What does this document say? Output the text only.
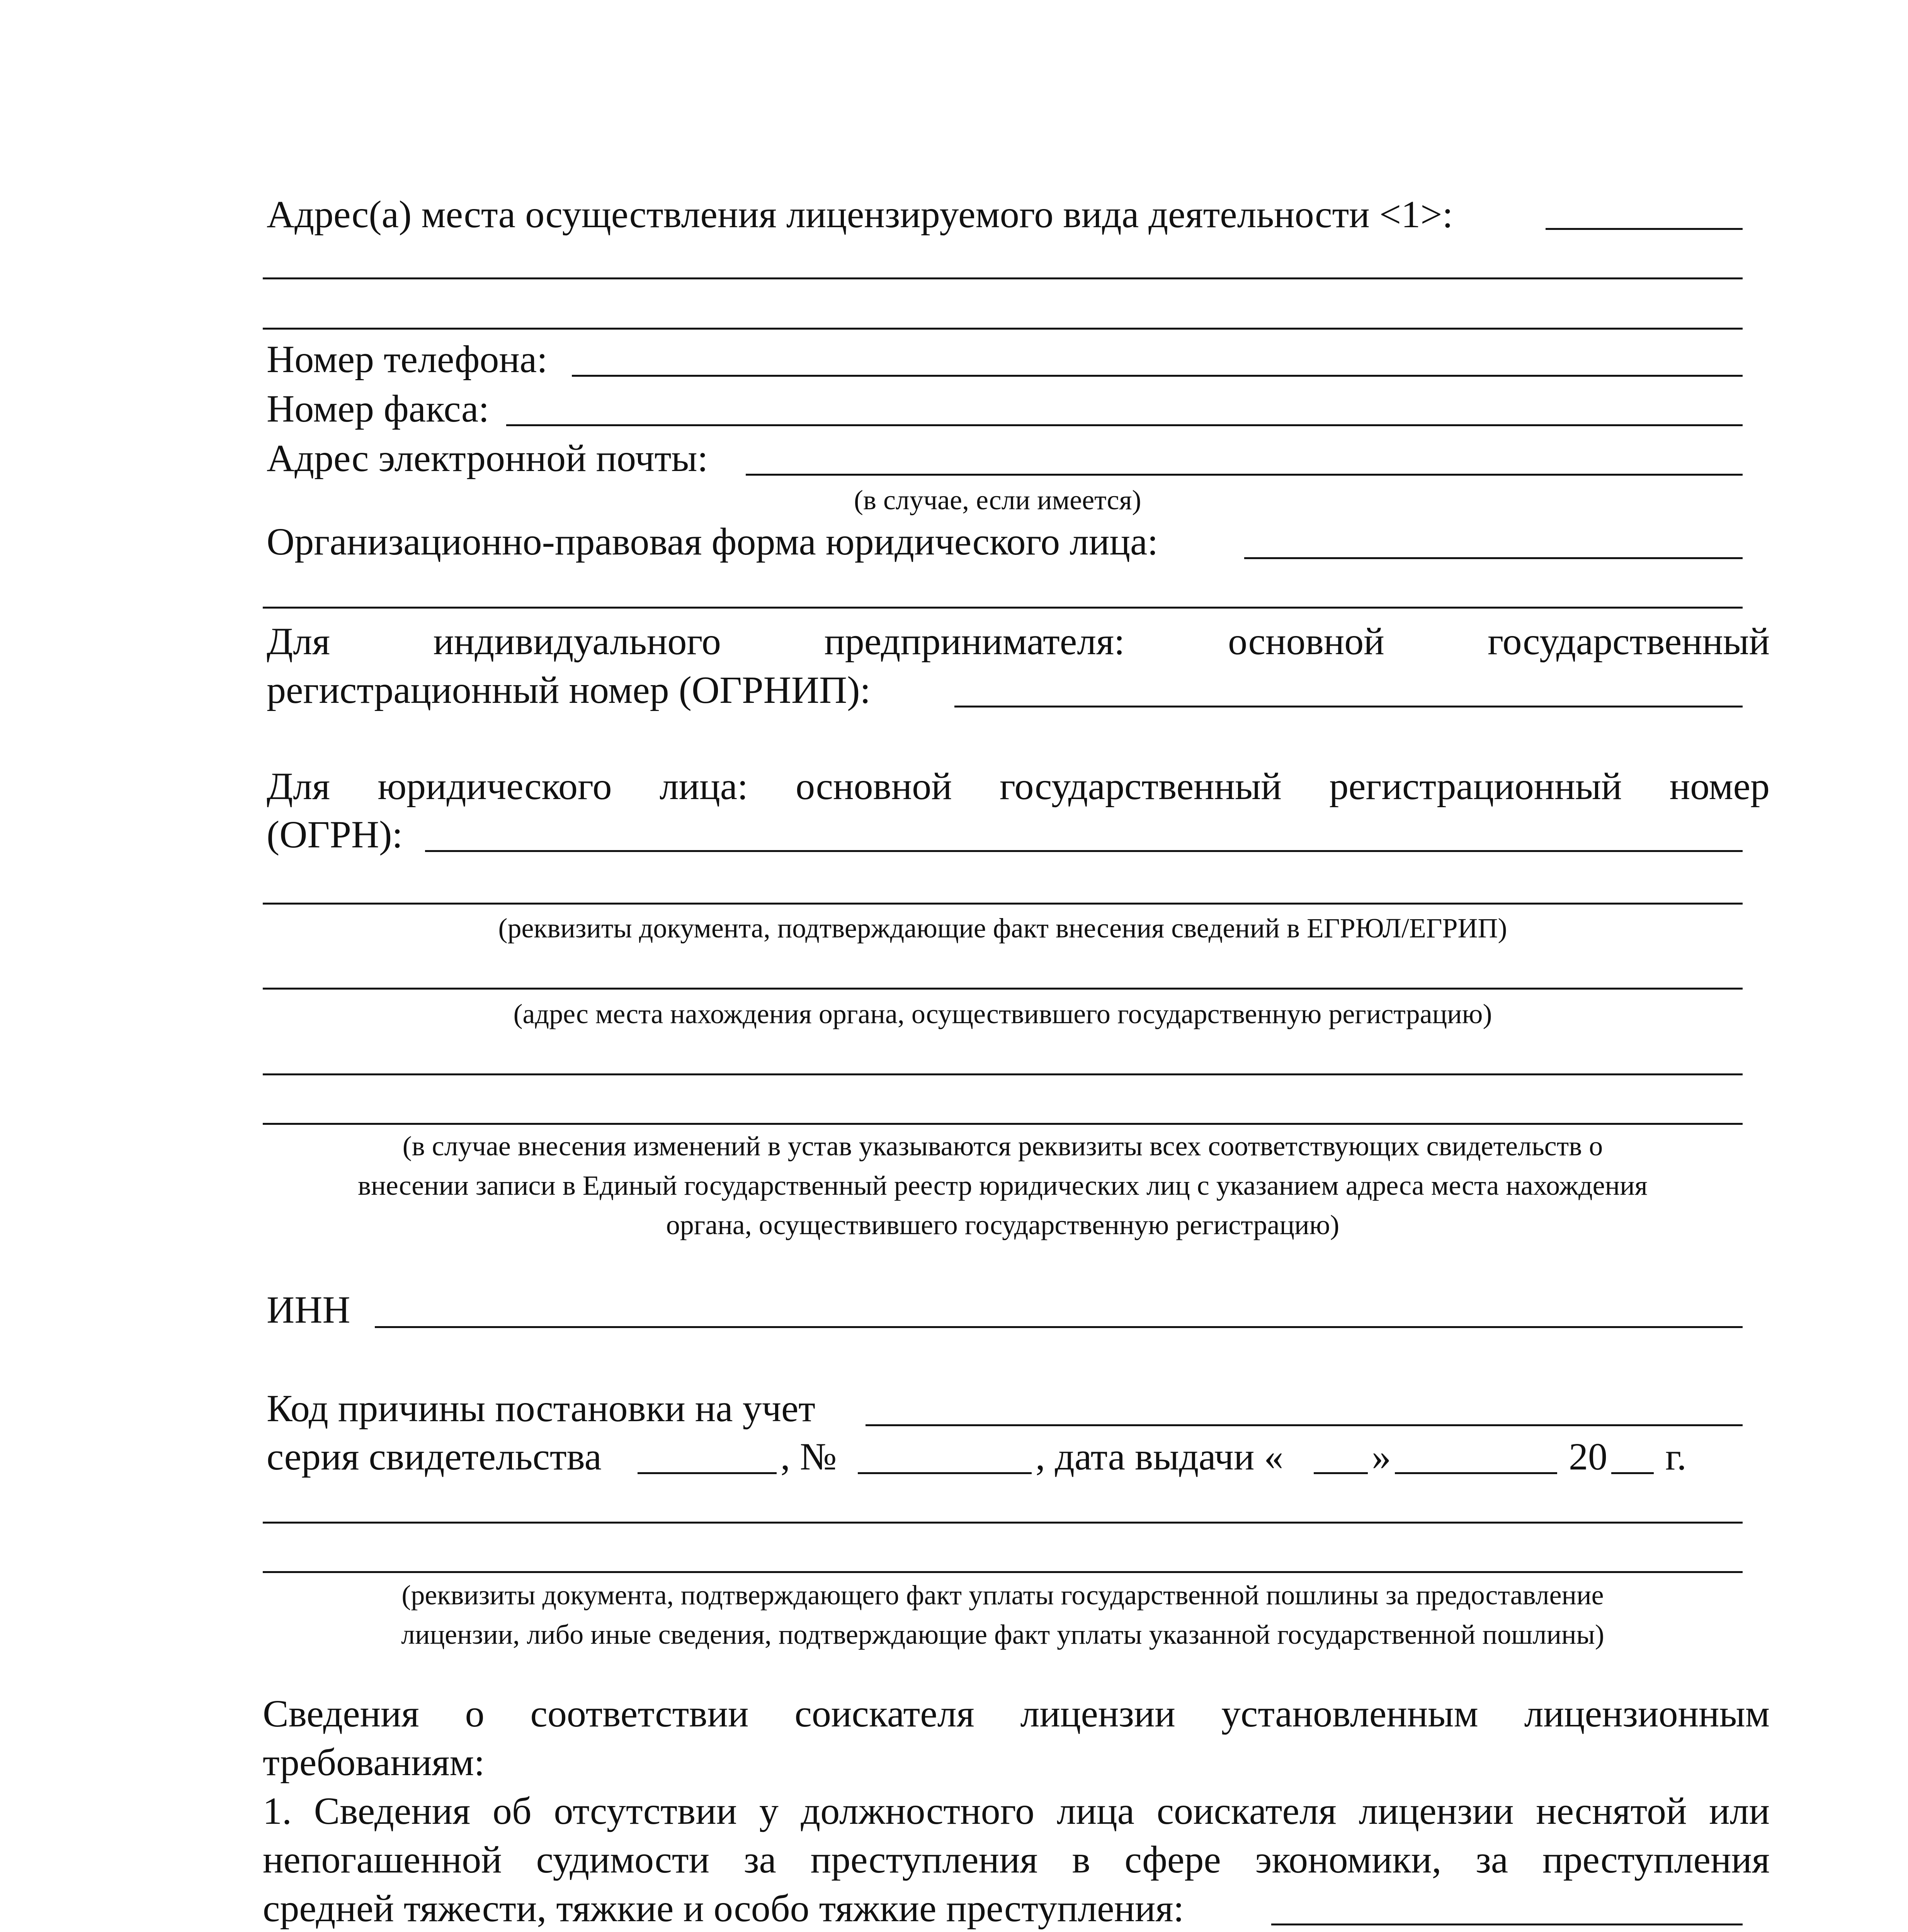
Адрес(а) места осуществления лицензируемого вида деятельности <1>:
Номер телефона:
Номер факса:
Адрес электронной почты:
(в случае, если имеется)
Организационно-правовая форма юридического лица:
Для индивидуального предпринимателя: основной государственный
регистрационный номер (ОГРНИП):
Для юридического лица: основной государственный регистрационный номер
(ОГРН):
(реквизиты документа, подтверждающие факт внесения сведений в ЕГРЮЛ/ЕГРИП)
(адрес места нахождения органа, осуществившего государственную регистрацию)
(в случае внесения изменений в устав указываются реквизиты всех соответствующих свидетельств о
внесении записи в Единый государственный реестр юридических лиц с указанием адреса места нахождения
органа, осуществившего государственную регистрацию)
ИНН
Код причины постановки на учет
серия свидетельства	, №	, дата выдачи « »	20 г.
(реквизиты документа, подтверждающего факт уплаты государственной пошлины за предоставление
лицензии, либо иные сведения, подтверждающие факт уплаты указанной государственной пошлины)
Сведения о соответствии соискателя лицензии установленным лицензионным
требованиям:
1. Сведения об отсутствии у должностного лица соискателя лицензии неснятой или
непогашенной судимости за преступления в сфере экономики, за преступления
средней тяжести, тяжкие и особо тяжкие преступления:
